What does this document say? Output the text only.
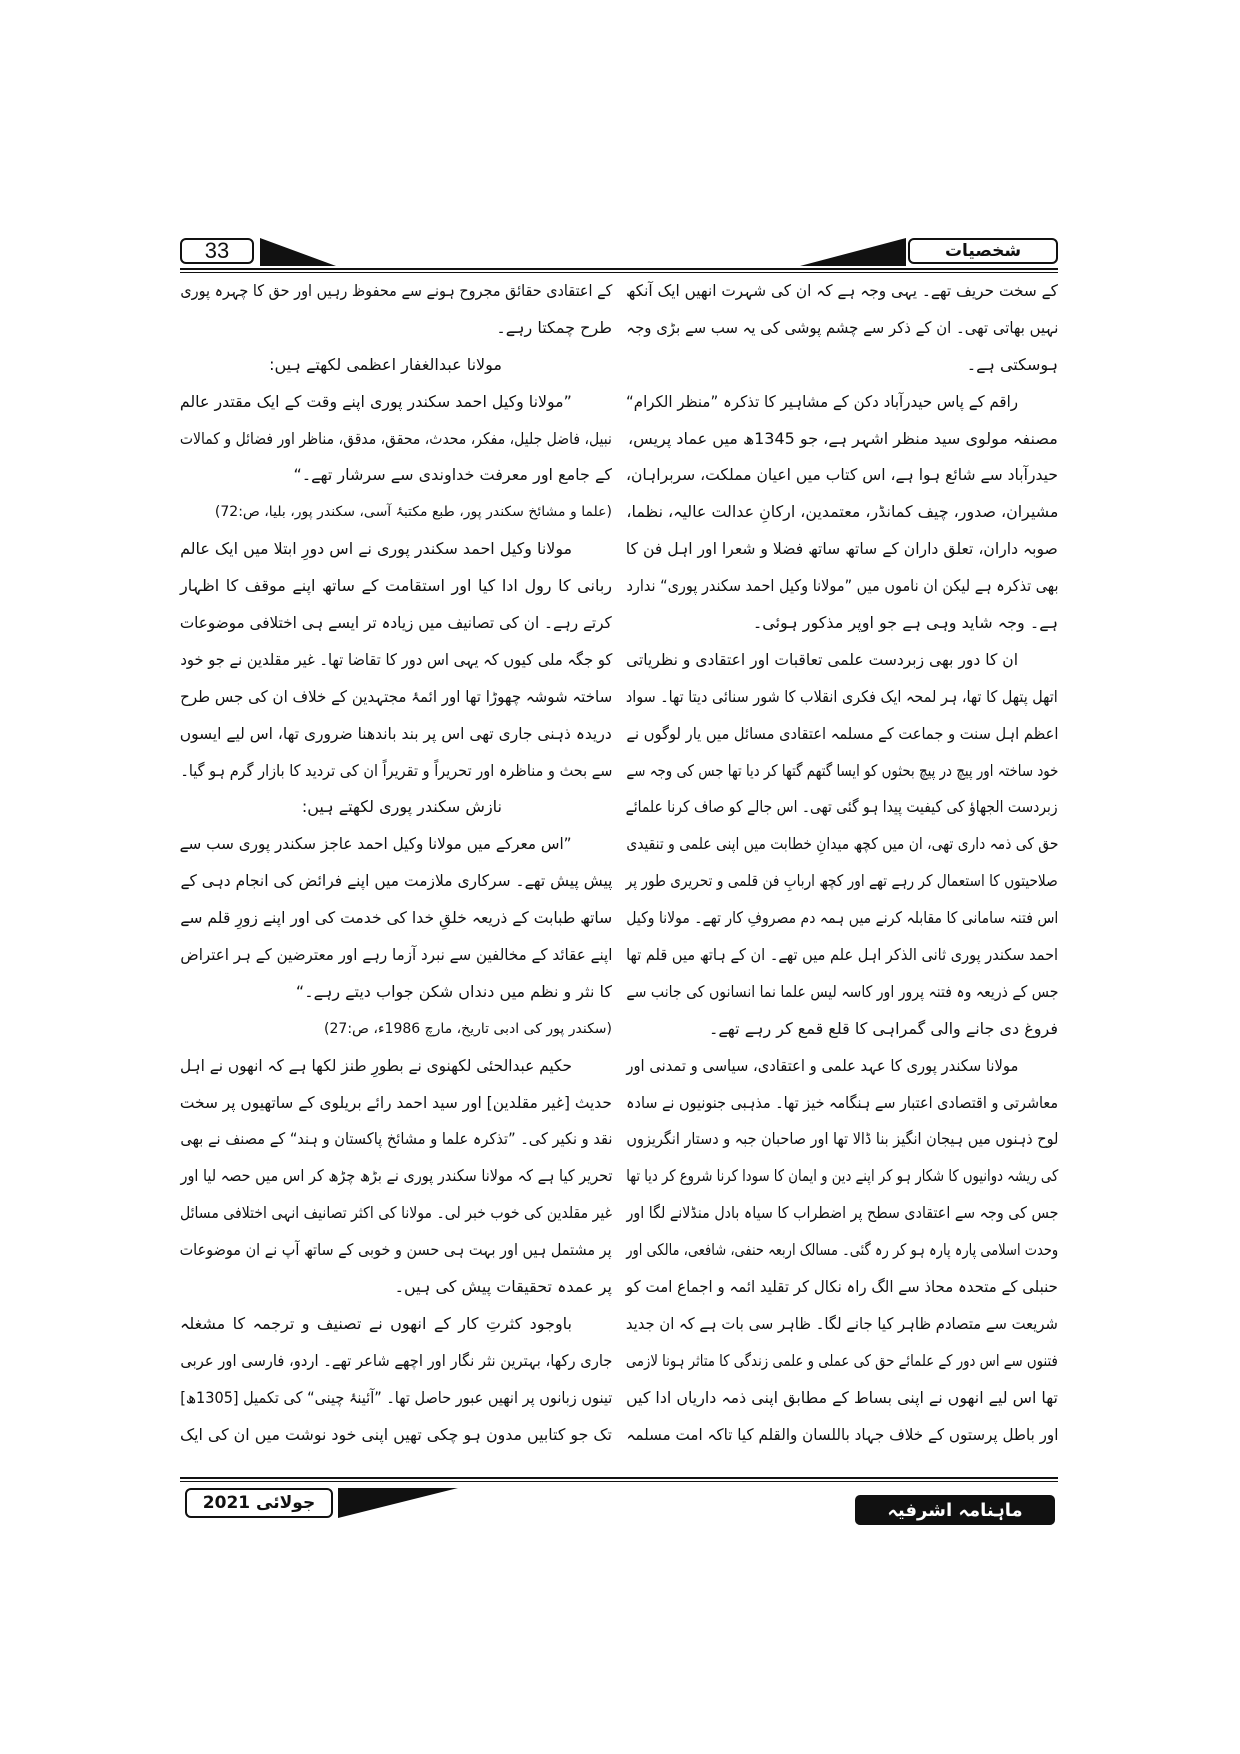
33	شخصیات
کے سخت حریف تھے۔ یہی وجہ ہے کہ ان کی شہرت انھیں ایک آنکھ
نہیں بھاتی تھی۔ ان کے ذکر سے چشم پوشی کی یہ سب سے بڑی وجہ
ہوسکتی ہے۔
راقم کے پاس حیدرآباد دکن کے مشاہیر کا تذکرہ ”منظر الکرام“
مصنفہ مولوی سید منظر اشہر ہے، جو 1345ھ میں عماد پریس،
حیدرآباد سے شائع ہوا ہے، اس کتاب میں اعیان مملکت، سربراہان،
مشیران، صدور، چیف کمانڈر، معتمدین، ارکانِ عدالت عالیہ، نظما،
صوبہ داران، تعلق داران کے ساتھ ساتھ فضلا و شعرا اور اہل فن کا
بھی تذکرہ ہے لیکن ان ناموں میں ”مولانا وکیل احمد سکندر پوری“ ندارد
ہے۔ وجہ شاید وہی ہے جو اوپر مذکور ہوئی۔
ان کا دور بھی زبردست علمی تعاقبات اور اعتقادی و نظریاتی
اتھل پتھل کا تھا، ہر لمحہ ایک فکری انقلاب کا شور سنائی دیتا تھا۔ سواد
اعظم اہل سنت و جماعت کے مسلمہ اعتقادی مسائل میں یار لوگوں نے
خود ساختہ اور پیچ در پیچ بحثوں کو ایسا گتھم گتھا کر دیا تھا جس کی وجہ سے
زبردست الجھاؤ کی کیفیت پیدا ہو گئی تھی۔ اس جالے کو صاف کرنا علمائے
حق کی ذمہ داری تھی، ان میں کچھ میدانِ خطابت میں اپنی علمی و تنقیدی
صلاحیتوں کا استعمال کر رہے تھے اور کچھ اربابِ فن قلمی و تحریری طور پر
اس فتنہ سامانی کا مقابلہ کرنے میں ہمہ دم مصروفِ کار تھے۔ مولانا وکیل
احمد سکندر پوری ثانی الذکر اہل علم میں تھے۔ ان کے ہاتھ میں قلم تھا
جس کے ذریعہ وہ فتنہ پرور اور کاسہ لیس علما نما انسانوں کی جانب سے
فروغ دی جانے والی گمراہی کا قلع قمع کر رہے تھے۔
مولانا سکندر پوری کا عہد علمی و اعتقادی، سیاسی و تمدنی اور
معاشرتی و اقتصادی اعتبار سے ہنگامہ خیز تھا۔ مذہبی جنونیوں نے سادہ
لوح ذہنوں میں ہیجان انگیز بنا ڈالا تھا اور صاحبان جبہ و دستار انگریزوں
کی ریشہ دوانیوں کا شکار ہو کر اپنے دین و ایمان کا سودا کرنا شروع کر دیا تھا
جس کی وجہ سے اعتقادی سطح پر اضطراب کا سیاہ بادل منڈلانے لگا اور
وحدت اسلامی پارہ پارہ ہو کر رہ گئی۔ مسالک اربعہ حنفی، شافعی، مالکی اور
حنبلی کے متحدہ محاذ سے الگ راہ نکال کر تقلید ائمہ و اجماع امت کو
شریعت سے متصادم ظاہر کیا جانے لگا۔ ظاہر سی بات ہے کہ ان جدید
فتنوں سے اس دور کے علمائے حق کی عملی و علمی زندگی کا متاثر ہونا لازمی
تھا اس لیے انھوں نے اپنی بساط کے مطابق اپنی ذمہ داریاں ادا کیں
اور باطل پرستوں کے خلاف جہاد باللسان والقلم کیا تاکہ امت مسلمہ
کے اعتقادی حقائق مجروح ہونے سے محفوظ رہیں اور حق کا چہرہ پوری
طرح چمکتا رہے۔
مولانا عبدالغفار اعظمی لکھتے ہیں:
”مولانا وکیل احمد سکندر پوری اپنے وقت کے ایک مقتدر عالم
نبیل، فاضل جلیل، مفکر، محدث، محقق، مدقق، مناظر اور فضائل و کمالات
کے جامع اور معرفت خداوندی سے سرشار تھے۔“
(علما و مشائخ سکندر پور، طبع مکتبۂ آسی، سکندر پور، بلیا، ص:72)
مولانا وکیل احمد سکندر پوری نے اس دورِ ابتلا میں ایک عالم
ربانی کا رول ادا کیا اور استقامت کے ساتھ اپنے موقف کا اظہار
کرتے رہے۔ ان کی تصانیف میں زیادہ تر ایسے ہی اختلافی موضوعات
کو جگہ ملی کیوں کہ یہی اس دور کا تقاضا تھا۔ غیر مقلدین نے جو خود
ساختہ شوشہ چھوڑا تھا اور ائمۂ مجتہدین کے خلاف ان کی جس طرح
دریدہ ذہنی جاری تھی اس پر بند باندھنا ضروری تھا، اس لیے ایسوں
سے بحث و مناظرہ اور تحریراً و تقریراً ان کی تردید کا بازار گرم ہو گیا۔
نازش سکندر پوری لکھتے ہیں:
”اس معرکے میں مولانا وکیل احمد عاجز سکندر پوری سب سے
پیش پیش تھے۔ سرکاری ملازمت میں اپنے فرائض کی انجام دہی کے
ساتھ طبابت کے ذریعہ خلقِ خدا کی خدمت کی اور اپنے زورِ قلم سے
اپنے عقائد کے مخالفین سے نبرد آزما رہے اور معترضین کے ہر اعتراض
کا نثر و نظم میں دنداں شکن جواب دیتے رہے۔“
(سکندر پور کی ادبی تاریخ، مارچ 1986ء، ص:27)
حکیم عبدالحئی لکھنوی نے بطورِ طنز لکھا ہے کہ انھوں نے اہل
حدیث [غیر مقلدین] اور سید احمد رائے بریلوی کے ساتھیوں پر سخت
نقد و نکیر کی۔ ”تذکرہ علما و مشائخ پاکستان و ہند“ کے مصنف نے بھی
تحریر کیا ہے کہ مولانا سکندر پوری نے بڑھ چڑھ کر اس میں حصہ لیا اور
غیر مقلدین کی خوب خبر لی۔ مولانا کی اکثر تصانیف انہی اختلافی مسائل
پر مشتمل ہیں اور بہت ہی حسن و خوبی کے ساتھ آپ نے ان موضوعات
پر عمدہ تحقیقات پیش کی ہیں۔
باوجود کثرتِ کار کے انھوں نے تصنیف و ترجمہ کا مشغلہ
جاری رکھا، بہترین نثر نگار اور اچھے شاعر تھے۔ اردو، فارسی اور عربی
تینوں زبانوں پر انھیں عبور حاصل تھا۔ ”آئینۂ چینی“ کی تکمیل [1305ھ]
تک جو کتابیں مدون ہو چکی تھیں اپنی خود نوشت میں ان کی ایک
جولائی 2021	ماہنامہ اشرفیہ
